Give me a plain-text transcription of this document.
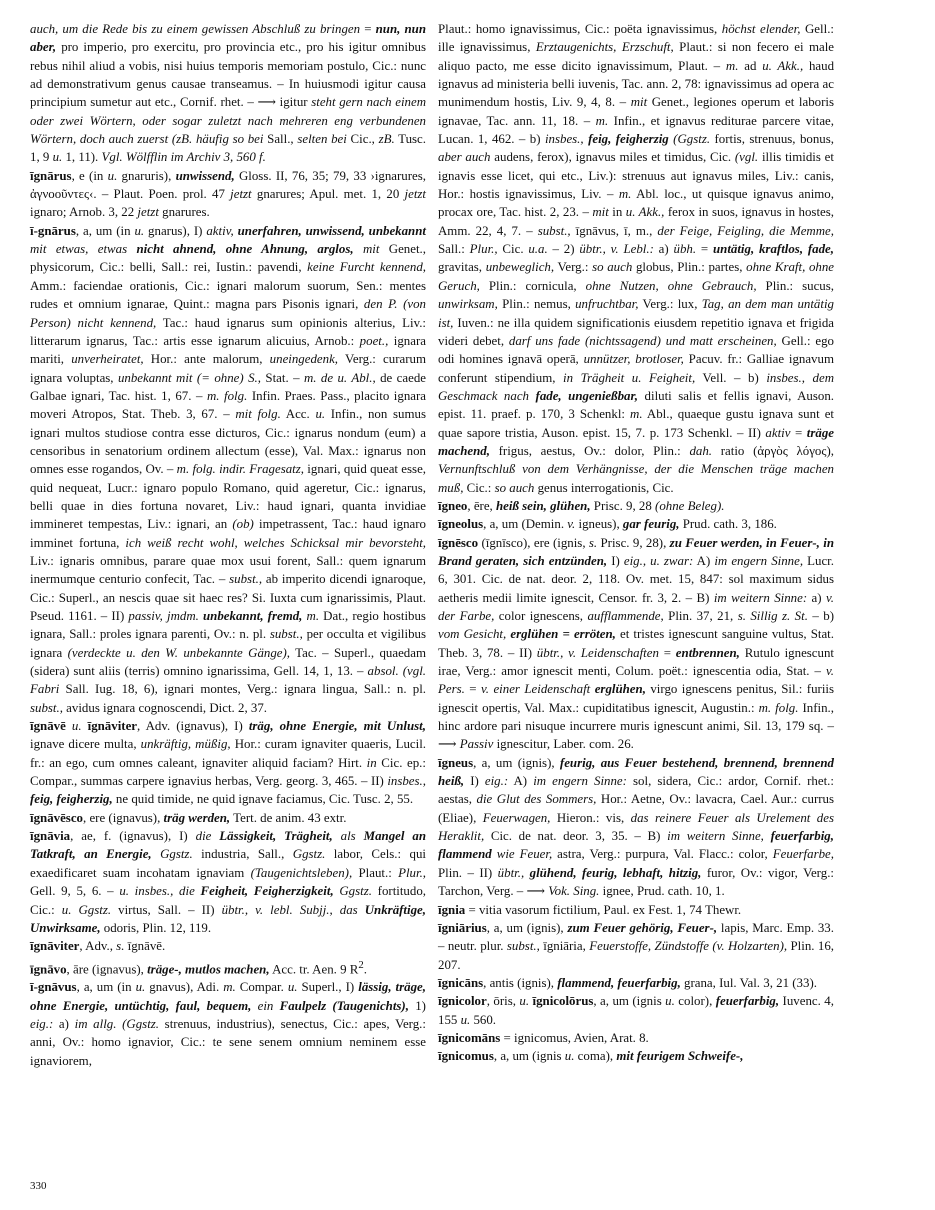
auch, um die Rede bis zu einem gewissen Abschluß zu bringen = nun, nun aber, pro imperio, pro exercitu, pro provincia etc., pro his igitur omnibus rebus nihil aliud a vobis, nisi huius temporis memoriam postulo, Cic.: nunc ad demonstrativum genus causae transeamus. – In huiusmodi igitur causa principium sumetur aut etc., Cornif. rhet. – ⟶ igitur steht gern nach einem oder zwei Wörtern, oder sogar zuletzt nach mehreren eng verbundenen Wörtern, doch auch zuerst (zB. häufig so bei Sall., selten bei Cic., zB. Tusc. 1, 9 u. 1, 11). Vgl. Wölfflin im Archiv 3, 560 f.

īgnārus, e (in u. gnaruris), unwissend, Gloss. II, 76, 35; 79, 33 ›ignarures, ἀγνοοῦντες‹. – Plaut. Poen. prol. 47 jetzt gnarures; Apul. met. 1, 20 jetzt ignaro; Arnob. 3, 22 jetzt gnarures.

ī-gnārus, a, um (in u. gnarus), I) aktiv, unerfahren, unwissend, unbekannt mit etwas, etwas nicht ahnend, ohne Ahnung, arglos, mit Genet., physicorum, Cic.: belli, Sall.: rei, Iustin.: pavendi, keine Furcht kennend, Amm.: faciendae orationis, Cic.: ignari malorum suorum, Sen.: mentes rudes et omnium ignarae, Quint.: magna pars Pisonis ignari, den P. (von Person) nicht kennend, Tac.: haud ignarus sum opinionis alterius, Liv.: litterarum ignarus, Tac.: artis esse ignarum alicuius, Arnob.: poet., ignara mariti, unverheiratet, Hor.: ante malorum, uneingedenk, Verg.: curarum ignara voluptas, unbekannt mit (= ohne) S., Stat. – m. de u. Abl., de caede Galbae ignari, Tac. hist. 1, 67. – m. folg. Infin. Praes. Pass., placito ignara moveri Atropos, Stat. Theb. 3, 67. – mit folg. Acc. u. Infin., non sumus ignari multos studiose contra esse dicturos, Cic.: ignarus nondum (eum) a censoribus in senatorium ordinem allectum (esse), Val. Max.: ignarus non omnes esse rogandos, Ov. – m. folg. indir. Fragesatz, ignari, quid queat esse, quid nequeat, Lucr.: ignaro populo Romano, quid ageretur, Cic.: ignarus, belli quae in dies fortuna novaret, Liv.: haud ignari, quanta invidiae immineret tempestas, Liv.: ignari, an (ob) impetrassent, Tac.: haud ignaro imminet fortuna, ich weiß recht wohl, welches Schicksal mir bevorsteht, Liv.: ignaris omnibus, parare quae mox usui forent, Sall.: quem ignarum inermumque centurio confecit, Tac. – subst., ab imperito dicendi ignaroque, Cic.: Superl., an nescis quae sit haec res? Si. Iuxta cum ignarissimis, Plaut. Pseud. 1161. – II) passiv, jmdm. unbekannt, fremd, m. Dat., regio hostibus ignara, Sall.: proles ignara parenti, Ov.: n. pl. subst., per occulta et vigilibus ignara (verdeckte u. den W. unbekannte Gänge), Tac. – Superl., quaedam (sidera) sunt aliis (terris) omnino ignarissima, Gell. 14, 1, 13. – absol. (vgl. Fabri Sall. Iug. 18, 6), ignari montes, Verg.: ignara lingua, Sall.: n. pl. subst., avidus ignara cognoscendi, Dict. 2, 37.

īgnāvē u. īgnāviter, Adv. (ignavus), I) träg, ohne Energie, mit Unlust, ignave dicere multa, unkräftig, müßig, Hor.: curam ignaviter quaeris, Lucil. fr.: an ego, cum omnes caleant, ignaviter aliquid faciam? Hirt. in Cic. ep.: Compar., summas carpere ignavius herbas, Verg. georg. 3, 465. – II) insbes., feig, feigherzig, ne quid timide, ne quid ignave faciamus, Cic. Tusc. 2, 55.

īgnāvēsco, ere (ignavus), träg werden, Tert. de anim. 43 extr.

īgnāvia, ae, f. (ignavus), I) die Lässigkeit, Trägheit, als Mangel an Tatkraft, an Energie, Ggstz. industria, Sall., Ggstz. labor, Cels.: qui exaedificaret suam incohatam ignaviam (Taugenichtsleben), Plaut.: Plur., Gell. 9, 5, 6. – u. insbes., die Feigheit, Feigherzigkeit, Ggstz. fortitudo, Cic.: u. Ggstz. virtus, Sall. – II) übtr., v. lebl. Subjj., das Unkräftige, Unwirksame, odoris, Plin. 12, 119.

īgnāviter, Adv., s. īgnāvē.

īgnāvo, āre (ignavus), träge-, mutlos machen, Acc. tr. Aen. 9 $R^2$.

ī-gnāvus, a, um (in u. gnavus), Adi. m. Compar. u. Superl., I) lässig, träge, ohne Energie, untüchtig, faul, bequem, ein Faulpelz (Taugenichts), 1) eig.: a) im allg. (Ggstz. strenuus, industrius), senectus, Cic.: apes, Verg.: anni, Ov.: homo ignavior, Cic.: te sene senem omnium neminem esse ignaviorem,

Plaut.: homo ignavissimus, Cic.: poëta ignavissimus, höchst elender, Gell.: ille ignavissimus, Erztaugenichts, Erzschuft, Plaut.: si non fecero ei male aliquo pacto, me esse dicito ignavissimum, Plaut. – m. ad u. Akk., haud ignavus ad ministeria belli iuvenis, Tac. ann. 2, 78: ignavissimus ad opera ac munimendum hostis, Liv. 9, 4, 8. – mit Genet., legiones operum et laboris ignavae, Tac. ann. 11, 18. – m. Infin., et ignavus rediturae parcere vitae, Lucan. 1, 462. – b) insbes., feig, feigherzig (Ggstz. fortis, strenuus, bonus, aber auch audens, ferox), ignavus miles et timidus, Cic. (vgl. illis timidis et ignavis esse licet, qui etc., Liv.): strenuus aut ignavus miles, Liv.: canis, Hor.: hostis ignavissimus, Liv. – m. Abl. loc., ut quisque ignavus animo, procax ore, Tac. hist. 2, 23. – mit in u. Akk., ferox in suos, ignavus in hostes, Amm. 22, 4, 7. – subst., īgnāvus, ī, m., der Feige, Feigling, die Memme, Sall.: Plur., Cic. u.a. – 2) übtr., v. Lebl.: a) übh. = untätig, kraftlos, fade, gravitas, unbeweglich, Verg.: so auch globus, Plin.: partes, ohne Kraft, ohne Geruch, Plin.: cornicula, ohne Nutzen, ohne Gebrauch, Plin.: sucus, unwirksam, Plin.: nemus, unfruchtbar, Verg.: lux, Tag, an dem man untätig ist, Iuven.: ne illa quidem significationis eiusdem repetitio ignava et frigida videri debet, darf uns fade (nichtssagend) und matt erscheinen, Gell.: ego odi homines ignavā operā, unnützer, brotloser, Pacuv. fr.: Galliae ignavum conferunt stipendium, in Trägheit u. Feigheit, Vell. – b) insbes., dem Geschmack nach fade, ungenießbar, diluti salis et fellis ignavi, Auson. epist. 11. praef. p. 170, 3 Schenkl: m. Abl., quaeque gustu ignava sunt et quae sapore tristia, Auson. epist. 15, 7. p. 173 Schenkl. – II) aktiv = träge machend, frigus, aestus, Ov.: dolor, Plin.: dah. ratio (ἀργὸς λόγος), Vernunftschluß von dem Verhängnisse, der die Menschen träge machen muß, Cic.: so auch genus interrogationis, Cic.

īgneo, ēre, heiß sein, glühen, Prisc. 9, 28 (ohne Beleg).

īgneolus, a, um (Demin. v. igneus), gar feurig, Prud. cath. 3, 186.

īgnēsco (īgnīsco), ere (ignis, s. Prisc. 9, 28), zu Feuer werden, in Feuer-, in Brand geraten, sich entzünden, I) eig., u. zwar: A) im engern Sinne, Lucr. 6, 301. Cic. de nat. deor. 2, 118. Ov. met. 15, 847: sol maximum sidus aetheris medii limite ignescit, Censor. fr. 3, 2. – B) im weitern Sinne: a) v. der Farbe, color ignescens, aufflammende, Plin. 37, 21, s. Sillig z. St. – b) vom Gesicht, erglühen = erröten, et tristes ignescunt sanguine vultus, Stat. Theb. 3, 78. – II) übtr., v. Leidenschaften = entbrennen, Rutulo ignescunt irae, Verg.: amor ignescit menti, Colum. poët.: ignescentia odia, Stat. – v. Pers. = v. einer Leidenschaft erglühen, virgo ignescens penitus, Sil.: furiis ignescit opertis, Val. Max.: cupiditatibus ignescit, Augustin.: m. folg. Infin., hinc ardore pari nisuque incurrere muris ignescunt animi, Sil. 13, 179 sq. – ⟶ Passiv ignescitur, Laber. com. 26.

īgneus, a, um (ignis), feurig, aus Feuer bestehend, brennend, brennend heiß, I) eig.: A) im engern Sinne: sol, sidera, Cic.: ardor, Cornif. rhet.: aestas, die Glut des Sommers, Hor.: Aetne, Ov.: lavacra, Cael. Aur.: currus (Eliae), Feuerwagen, Hieron.: vis, das reinere Feuer als Urelement des Heraklit, Cic. de nat. deor. 3, 35. – B) im weitern Sinne, feuerfarbig, flammend wie Feuer, astra, Verg.: purpura, Val. Flacc.: color, Feuerfarbe, Plin. – II) übtr., glühend, feurig, lebhaft, hitzig, furor, Ov.: vigor, Verg.: Tarchon, Verg. – ⟶ Vok. Sing. ignee, Prud. cath. 10, 1.

īgnia = vitia vasorum fictilium, Paul. ex Fest. 1, 74 Thewr.

īgniārius, a, um (ignis), zum Feuer gehörig, Feuer-, lapis, Marc. Emp. 33. – neutr. plur. subst., īgniāria, Feuerstoffe, Zündstoffe (v. Holzarten), Plin. 16, 207.

īgnicāns, antis (ignis), flammend, feuerfarbig, grana, Iul. Val. 3, 21 (33).

īgnicolor, ōris, u. īgnicolōrus, a, um (ignis u. color), feuerfarbig, Iuvenc. 4, 155 u. 560.

īgnicomāns = ignicomus, Avien, Arat. 8.

īgnicomus, a, um (ignis u. coma), mit feurigem Schweife-,

330
